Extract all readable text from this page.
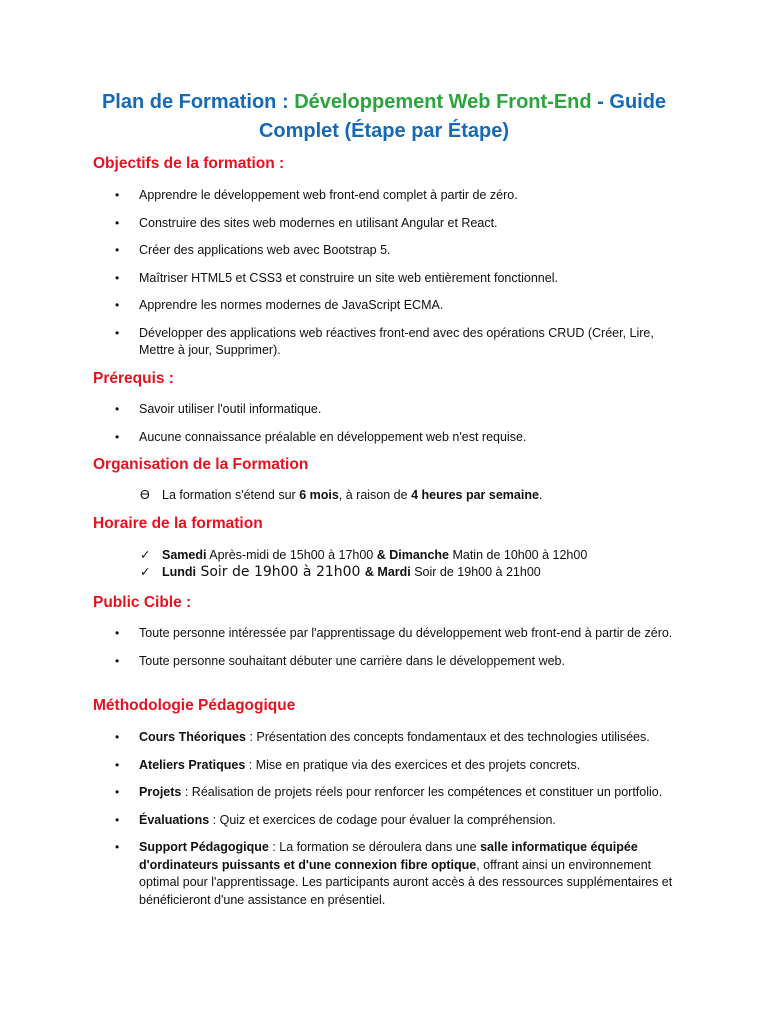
Plan de Formation : Développement Web Front-End - Guide Complet (Étape par Étape)
Objectifs de la formation :
• Apprendre le développement web front-end complet à partir de zéro.
• Construire des sites web modernes en utilisant Angular et React.
• Créer des applications web avec Bootstrap 5.
• Maîtriser HTML5 et CSS3 et construire un site web entièrement fonctionnel.
• Apprendre les normes modernes de JavaScript ECMA.
• Développer des applications web réactives front-end avec des opérations CRUD (Créer, Lire, Mettre à jour, Supprimer).
Prérequis :
• Savoir utiliser l'outil informatique.
• Aucune connaissance préalable en développement web n'est requise.
Organisation de la Formation
ϴ La formation s'étend sur 6 mois, à raison de 4 heures par semaine.
Horaire de la formation
✓ Samedi Après-midi de 15h00 à 17h00 & Dimanche Matin de 10h00 à 12h00
✓ Lundi Soir de 19h00 à 21h00 & Mardi Soir de 19h00 à 21h00
Public Cible :
• Toute personne intéressée par l'apprentissage du développement web front-end à partir de zéro.
• Toute personne souhaitant débuter une carrière dans le développement web.
Méthodologie Pédagogique
• Cours Théoriques : Présentation des concepts fondamentaux et des technologies utilisées.
• Ateliers Pratiques : Mise en pratique via des exercices et des projets concrets.
• Projets : Réalisation de projets réels pour renforcer les compétences et constituer un portfolio.
• Évaluations : Quiz et exercices de codage pour évaluer la compréhension.
• Support Pédagogique : La formation se déroulera dans une salle informatique équipée d'ordinateurs puissants et d'une connexion fibre optique, offrant ainsi un environnement optimal pour l'apprentissage. Les participants auront accès à des ressources supplémentaires et bénéficieront d'une assistance en présentiel.
